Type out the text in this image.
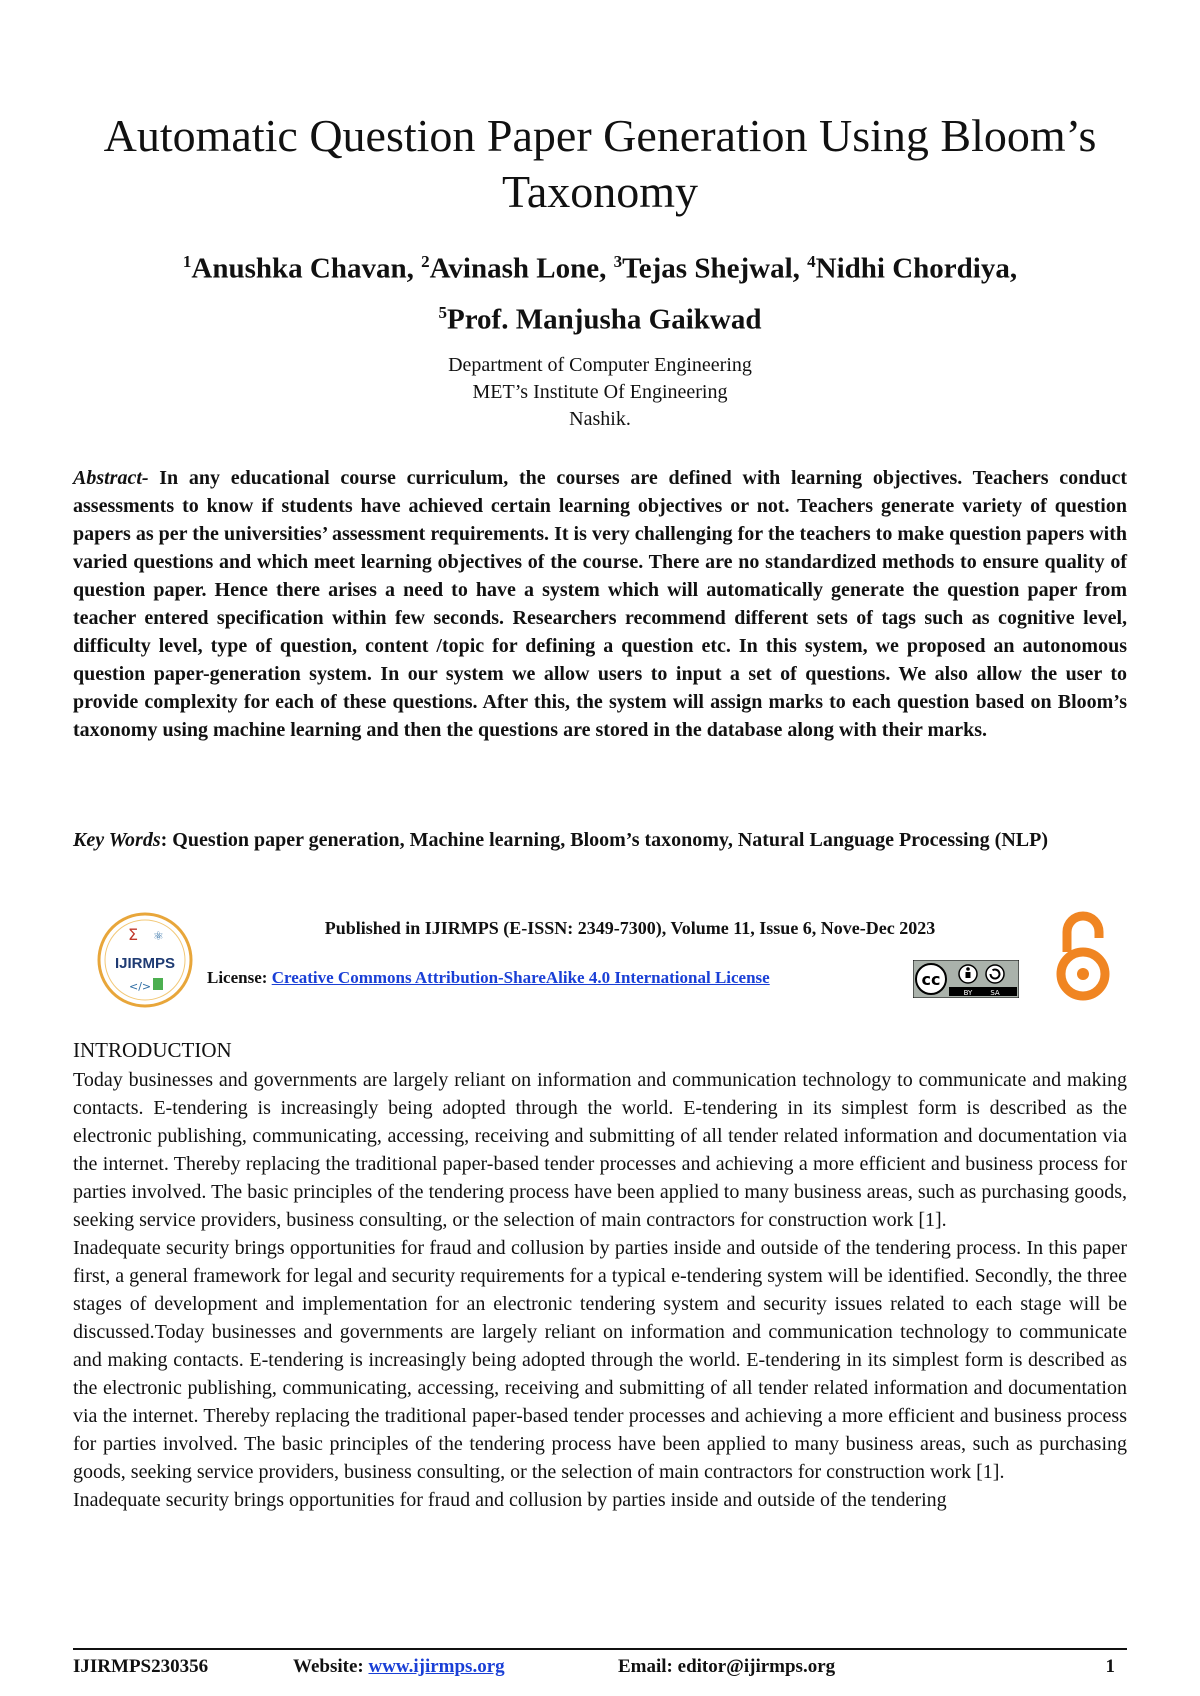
Automatic Question Paper Generation Using Bloom’s Taxonomy
$^1$Anushka Chavan, $^2$Avinash Lone, $^3$Tejas Shejwal, $^4$Nidhi Chordiya,
$^5$Prof. Manjusha Gaikwad
Department of Computer Engineering
MET’s Institute Of Engineering
Nashik.
Abstract- In any educational course curriculum, the courses are defined with learning objectives. Teachers conduct assessments to know if students have achieved certain learning objectives or not. Teachers generate variety of question papers as per the universities’ assessment requirements. It is very challenging for the teachers to make question papers with varied questions and which meet learning objectives of the course. There are no standardized methods to ensure quality of question paper. Hence there arises a need to have a system which will automatically generate the question paper from teacher entered specification within few seconds. Researchers recommend different sets of tags such as cognitive level, difficulty level, type of question, content /topic for defining a question etc. In this system, we proposed an autonomous question paper-generation system. In our system we allow users to input a set of questions. We also allow the user to provide complexity for each of these questions. After this, the system will assign marks to each question based on Bloom’s taxonomy using machine learning and then the questions are stored in the database along with their marks.
Key Words: Question paper generation, Machine learning, Bloom’s taxonomy, Natural Language Processing (NLP)
Σ ⚛
IJIRMPS
</>
Published in IJIRMPS (E-ISSN: 2349-7300), Volume 11, Issue 6, Nove-Dec 2023
License: Creative Commons Attribution-ShareAlike 4.0 International License	cc
BY	SA
INTRODUCTION

Today businesses and governments are largely reliant on information and communication technology to communicate and making contacts. E-tendering is increasingly being adopted through the world. E-tendering in its simplest form is described as the electronic publishing, communicating, accessing, receiving and submitting of all tender related information and documentation via the internet. Thereby replacing the traditional paper-based tender processes and achieving a more efficient and business process for parties involved. The basic principles of the tendering process have been applied to many business areas, such as purchasing goods, seeking service providers, business consulting, or the selection of main contractors for construction work [1].

Inadequate security brings opportunities for fraud and collusion by parties inside and outside of the tendering process. In this paper first, a general framework for legal and security requirements for a typical e-tendering system will be identified. Secondly, the three stages of development and implementation for an electronic tendering system and security issues related to each stage will be discussed.Today businesses and governments are largely reliant on information and communication technology to communicate and making contacts. E-tendering is increasingly being adopted through the world. E-tendering in its simplest form is described as the electronic publishing, communicating, accessing, receiving and submitting of all tender related information and documentation via the internet. Thereby replacing the traditional paper-based tender processes and achieving a more efficient and business process for parties involved. The basic principles of the tendering process have been applied to many business areas, such as purchasing goods, seeking service providers, business consulting, or the selection of main contractors for construction work [1].

Inadequate security brings opportunities for fraud and collusion by parties inside and outside of the tendering

IJIRMPS230356	Website: www.ijirmps.org	Email: editor@ijirmps.org	1
